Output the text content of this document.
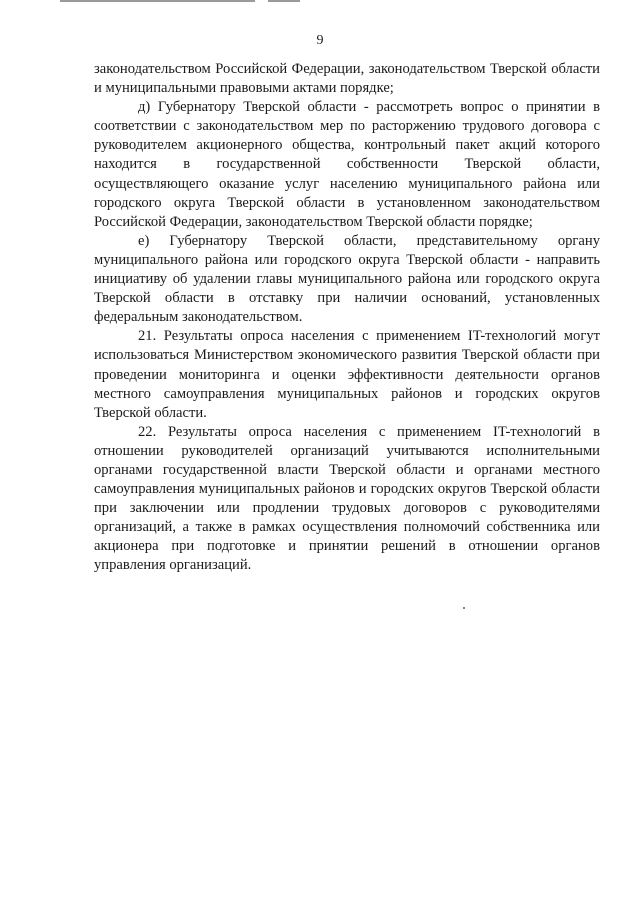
9

законодательством Российской Федерации, законодательством Тверской области и муниципальными правовыми актами порядке;

д) Губернатору Тверской области - рассмотреть вопрос о принятии в соответствии с законодательством мер по расторжению трудового договора с руководителем акционерного общества, контрольный пакет акций которого находится в государственной собственности Тверской области, осуществляющего оказание услуг населению муниципального района или городского округа Тверской области в установленном законодательством Российской Федерации, законодательством Тверской области порядке;

е) Губернатору Тверской области, представительному органу муниципального района или городского округа Тверской области - направить инициативу об удалении главы муниципального района или городского округа Тверской области в отставку при наличии оснований, установленных федеральным законодательством.

21. Результаты опроса населения с применением IT-технологий могут использоваться Министерством экономического развития Тверской области при проведении мониторинга и оценки эффективности деятельности органов местного самоуправления муниципальных районов и городских округов Тверской области.

22. Результаты опроса населения с применением IT-технологий в отношении руководителей организаций учитываются исполнительными органами государственной власти Тверской области и органами местного самоуправления муниципальных районов и городских округов Тверской области при заключении или продлении трудовых договоров с руководителями организаций, а также в рамках осуществления полномочий собственника или акционера при подготовке и принятии решений в отношении органов управления организаций.
